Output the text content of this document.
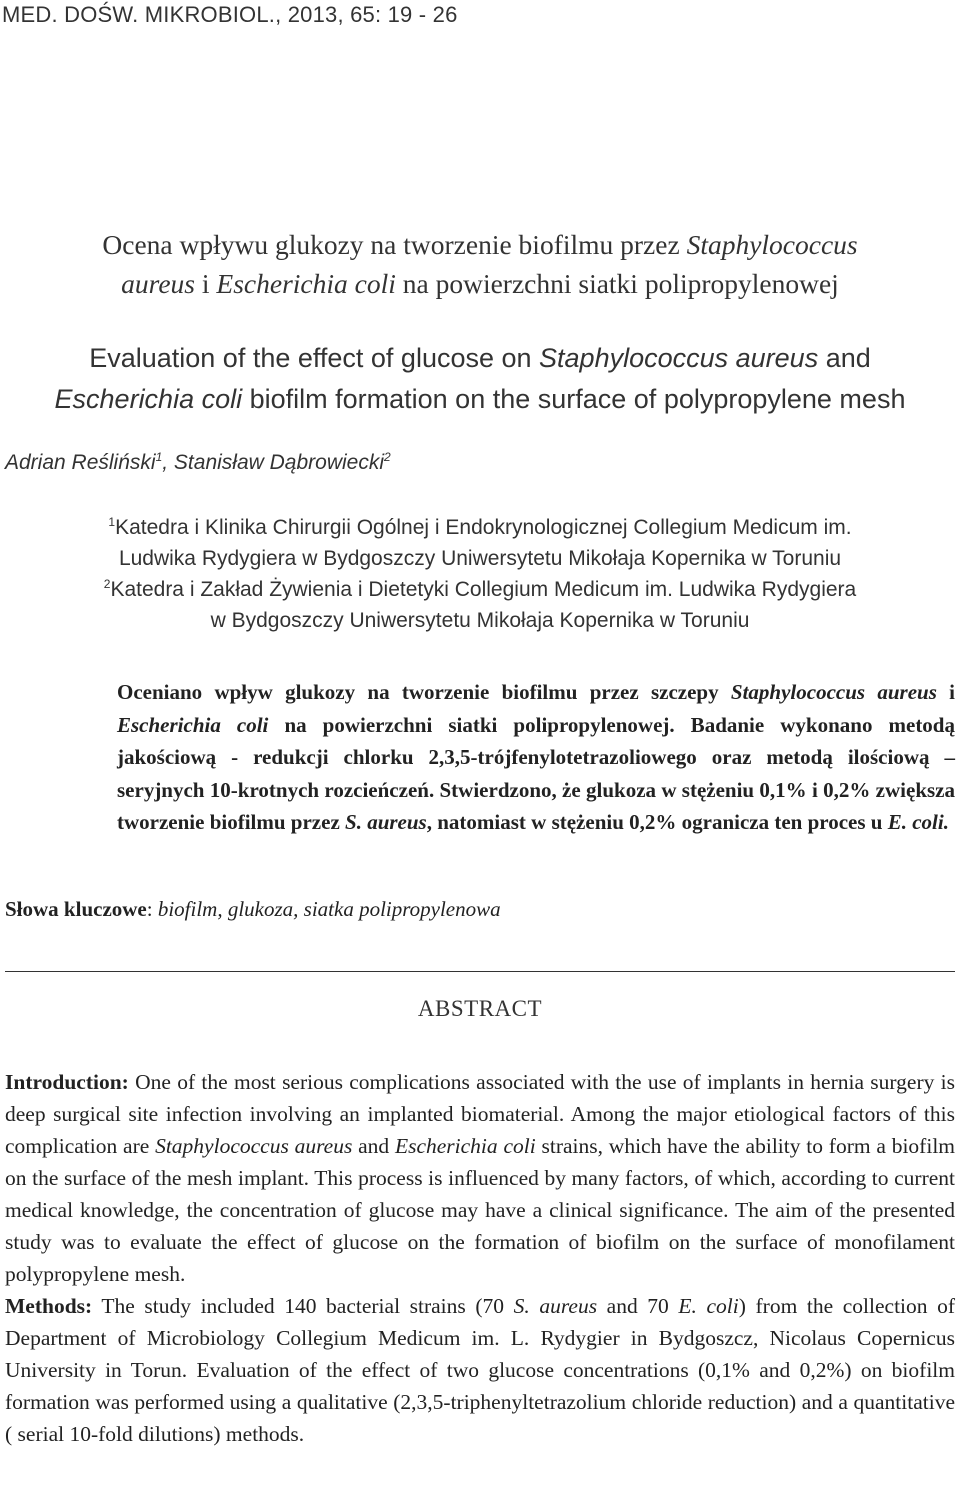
MED. DOŚW. MIKROBIOL., 2013, 65: 19 - 26
Ocena wpływu glukozy na tworzenie biofilmu przez Staphylococcus
aureus i Escherichia coli na powierzchni siatki polipropylenowej
Evaluation of the effect of glucose on Staphylococcus aureus and
Escherichia coli biofilm formation on the surface of polypropylene mesh
Adrian Reśliński$^1$, Stanisław Dąbrowiecki$^2$
$^1$Katedra i Klinika Chirurgii Ogólnej i Endokrynologicznej Collegium Medicum im.
Ludwika Rydygiera w Bydgoszczy Uniwersytetu Mikołaja Kopernika w Toruniu
$^2$Katedra i Zakład Żywienia i Dietetyki Collegium Medicum im. Ludwika Rydygiera
w Bydgoszczy Uniwersytetu Mikołaja Kopernika w Toruniu
Oceniano wpływ glukozy na tworzenie biofilmu przez szczepy Staphylococcus aureus i Escherichia coli na powierzchni siatki polipropylenowej. Badanie wykonano metodą jakościową - redukcji chlorku 2,3,5-trójfenylotetrazoliowego oraz metodą ilościową – seryjnych 10-krotnych rozcieńczeń. Stwierdzono, że glukoza w stężeniu 0,1% i 0,2% zwiększa tworzenie biofilmu przez S. aureus, natomiast w stężeniu 0,2% ogranicza ten proces u E. coli.
Słowa kluczowe: biofilm, glukoza, siatka polipropylenowa
ABSTRACT
Introduction: One of the most serious complications associated with the use of implants in hernia surgery is deep surgical site infection involving an implanted biomaterial. Among the major etiological factors of this complication are Staphylococcus aureus and Escherichia coli strains, which have the ability to form a biofilm on the surface of the mesh implant. This process is influenced by many factors, of which, according to current medical knowledge, the concentration of glucose may have a clinical significance. The aim of the presented study was to evaluate the effect of glucose on the formation of biofilm on the surface of monofilament polypropylene mesh.
Methods: The study included 140 bacterial strains (70 S. aureus and 70 E. coli) from the collection of Department of Microbiology Collegium Medicum im. L. Rydygier in Bydgoszcz, Nicolaus Copernicus University in Torun. Evaluation of the effect of two glucose concentrations (0,1% and 0,2%) on biofilm formation was performed using a qualitative (2,3,5-triphenyltetrazolium chloride reduction) and a quantitative ( serial 10-fold dilutions) methods.
